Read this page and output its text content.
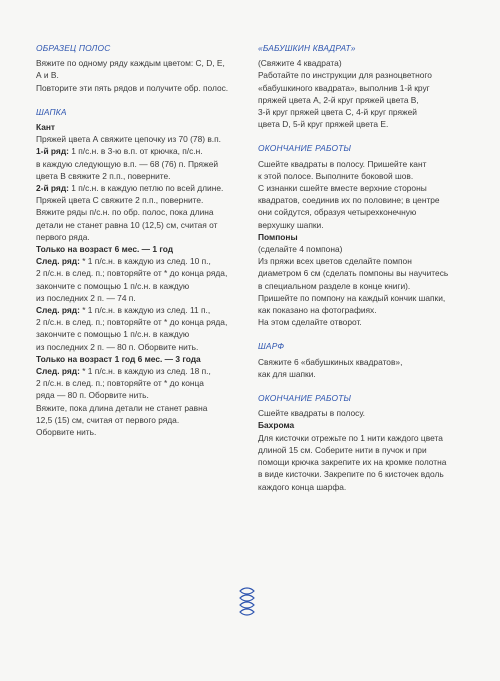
ОБРАЗЕЦ ПОЛОС
Вяжите по одному ряду каждым цветом: С, D, E,
А и В.
Повторите эти пять рядов и получите обр. полос.
ШАПКА
Кант
Пряжей цвета А свяжите цепочку из 70 (78) в.п.
1-й ряд: 1 п/с.н. в 3-ю в.п. от крючка, п/с.н.
в каждую следующую в.п. — 68 (76) п. Пряжей
цвета В свяжите 2 п.п., поверните.
2-й ряд: 1 п/с.н. в каждую петлю по всей длине.
Пряжей цвета С свяжите 2 п.п., поверните.
Вяжите ряды п/с.н. по обр. полос, пока длина
детали не станет равна 10 (12,5) см, считая от
первого ряда.
Только на возраст 6 мес. — 1 год
След. ряд: * 1 п/с.н. в каждую из след. 10 п.,
2 п/с.н. в след. п.; повторяйте от * до конца ряда,
закончите с помощью 1 п/с.н. в каждую
из последних 2 п. — 74 п.
След. ряд: * 1 п/с.н. в каждую из след. 11 п.,
2 п/с.н. в след. п.; повторяйте от * до конца ряда,
закончите с помощью 1 п/с.н. в каждую
из последних 2 п. — 80 п. Оборвите нить.
Только на возраст 1 год 6 мес. — 3 года
След. ряд: * 1 п/с.н. в каждую из след. 18 п.,
2 п/с.н. в след. п.; повторяйте от * до конца
ряда — 80 п. Оборвите нить.
Вяжите, пока длина детали не станет равна
12,5 (15) см, считая от первого ряда.
Оборвите нить.
«БАБУШКИН КВАДРАТ»
(Свяжите 4 квадрата)
Работайте по инструкции для разноцветного
«бабушкиного квадрата», выполнив 1-й круг
пряжей цвета А, 2-й круг пряжей цвета В,
3-й круг пряжей цвета С, 4-й круг пряжей
цвета D, 5-й круг пряжей цвета Е.
ОКОНЧАНИЕ РАБОТЫ
Сшейте квадраты в полосу. Пришейте кант
к этой полосе. Выполните боковой шов.
С изнанки сшейте вместе верхние стороны
квадратов, соединив их по половине; в центре
они сойдутся, образуя четырехконечную
верхушку шапки.
Помпоны
(сделайте 4 помпона)
Из пряжи всех цветов сделайте помпон
диаметром 6 см (сделать помпоны вы научитесь
в специальном разделе в конце книги).
Пришейте по помпону на каждый кончик шапки,
как показано на фотографиях.
На этом сделайте отворот.
ШАРФ
Свяжите 6 «бабушкиных квадратов»,
как для шапки.
ОКОНЧАНИЕ РАБОТЫ
Сшейте квадраты в полосу.
Бахрома
Для кисточки отрежьте по 1 нити каждого цвета
длиной 15 см. Соберите нити в пучок и при
помощи крючка закрепите их на кромке полотна
в виде кисточки. Закрепите по 6 кисточек вдоль
каждого конца шарфа.
